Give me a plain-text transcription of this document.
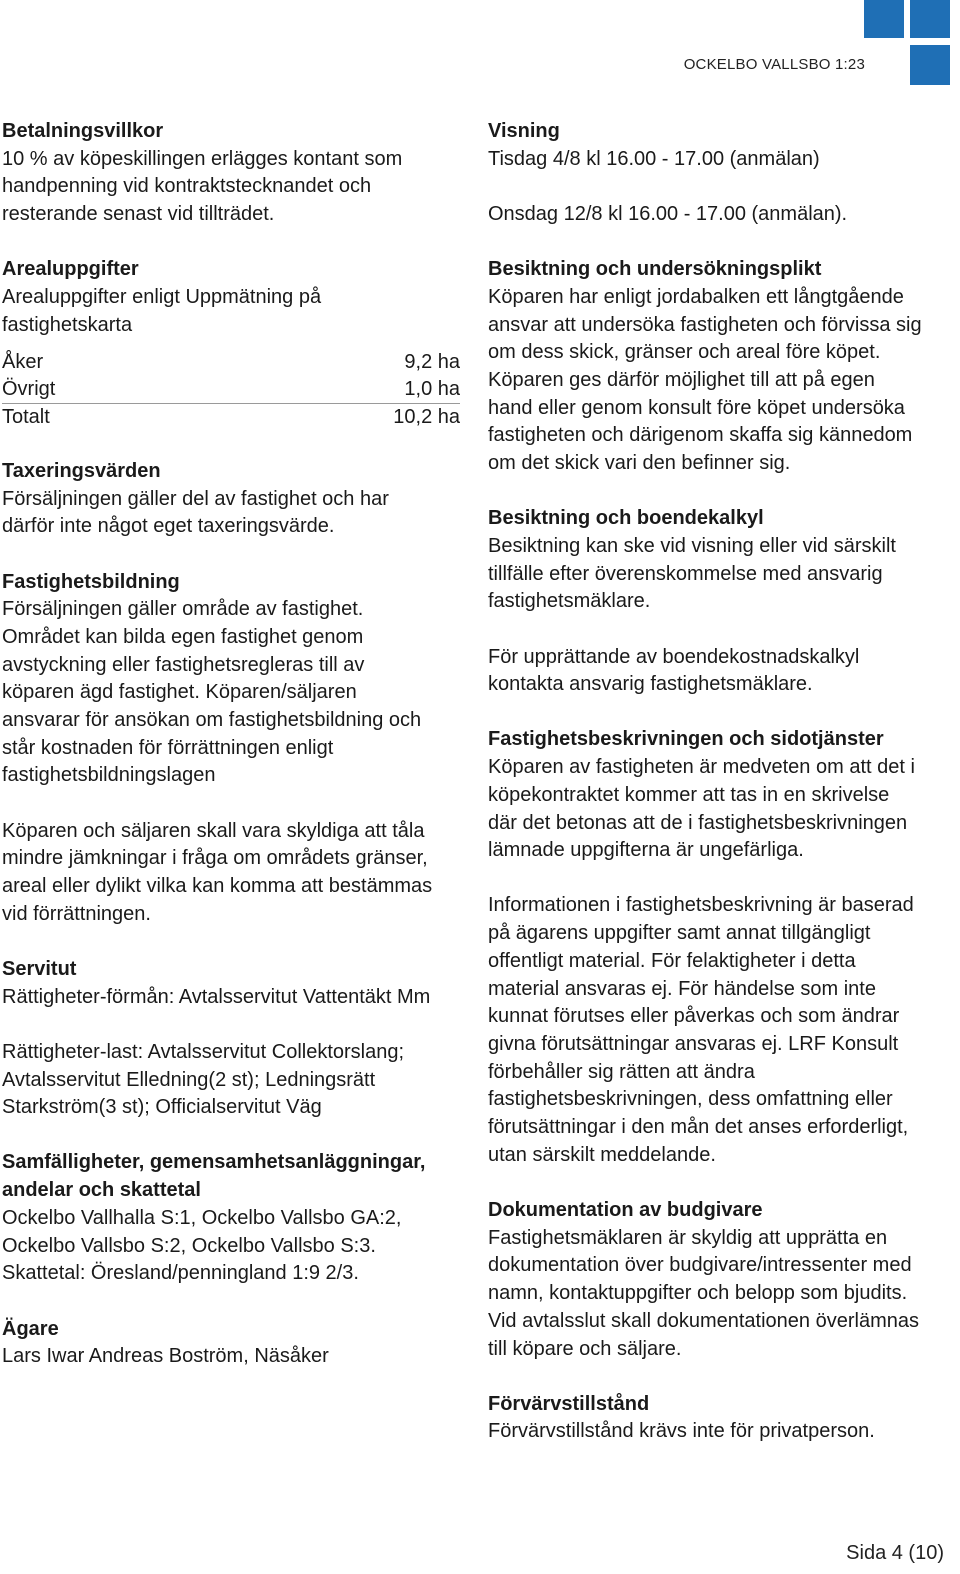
OCKELBO VALLSBO 1:23

Betalningsvillkor

10 % av köpeskillingen erlägges kontant som

handpenning vid kontraktstecknandet och

resterande senast vid tillträdet.

Arealuppgifter

Arealuppgifter enligt Uppmätning på

fastighetskarta

Åker	9,2 ha
Övrigt	1,0 ha
Totalt	10,2 ha

Taxeringsvärden

Försäljningen gäller del av fastighet och har

därför inte något eget taxeringsvärde.

Fastighetsbildning

Försäljningen gäller område av fastighet.

Området kan bilda egen fastighet genom

avstyckning eller fastighetsregleras till av

köparen ägd fastighet. Köparen/säljaren

ansvarar för ansökan om fastighetsbildning och

står kostnaden för förrättningen enligt

fastighetsbildningslagen

Köparen och säljaren skall vara skyldiga att tåla

mindre jämkningar i fråga om områdets gränser,

areal eller dylikt vilka kan komma att bestämmas

vid förrättningen.

Servitut

Rättigheter-förmån: Avtalsservitut Vattentäkt Mm

Rättigheter-last: Avtalsservitut Collektorslang;

Avtalsservitut Elledning(2 st); Ledningsrätt

Starkström(3 st); Officialservitut Väg

Samfälligheter, gemensamhetsanläggningar,

andelar och skattetal

Ockelbo Vallhalla S:1, Ockelbo Vallsbo GA:2,

Ockelbo Vallsbo S:2, Ockelbo Vallsbo S:3.

Skattetal: Öresland/penningland 1:9 2/3.

Ägare

Lars Iwar Andreas Boström, Näsåker

Visning

Tisdag 4/8 kl 16.00 - 17.00 (anmälan)

Onsdag 12/8 kl 16.00 - 17.00 (anmälan).

Besiktning och undersökningsplikt

Köparen har enligt jordabalken ett långtgående

ansvar att undersöka fastigheten och förvissa sig

om dess skick, gränser och areal före köpet.

Köparen ges därför möjlighet till att på egen

hand eller genom konsult före köpet undersöka

fastigheten och därigenom skaffa sig kännedom

om det skick vari den befinner sig.

Besiktning och boendekalkyl

Besiktning kan ske vid visning eller vid särskilt

tillfälle efter överenskommelse med ansvarig

fastighetsmäklare.

För upprättande av boendekostnadskalkyl

kontakta ansvarig fastighetsmäklare.

Fastighetsbeskrivningen och sidotjänster

Köparen av fastigheten är medveten om att det i

köpekontraktet kommer att tas in en skrivelse

där det betonas att de i fastighetsbeskrivningen

lämnade uppgifterna är ungefärliga.

Informationen i fastighetsbeskrivning är baserad

på ägarens uppgifter samt annat tillgängligt

offentligt material. För felaktigheter i detta

material ansvaras ej. För händelse som inte

kunnat förutses eller påverkas och som ändrar

givna förutsättningar ansvaras ej. LRF Konsult

förbehåller sig rätten att ändra

fastighetsbeskrivningen, dess omfattning eller

förutsättningar i den mån det anses erforderligt,

utan särskilt meddelande.

Dokumentation av budgivare

Fastighetsmäklaren är skyldig att upprätta en

dokumentation över budgivare/intressenter med

namn, kontaktuppgifter och belopp som bjudits.

Vid avtalsslut skall dokumentationen överlämnas

till köpare och säljare.

Förvärvstillstånd

Förvärvstillstånd krävs inte för privatperson.

Sida 4 (10)
